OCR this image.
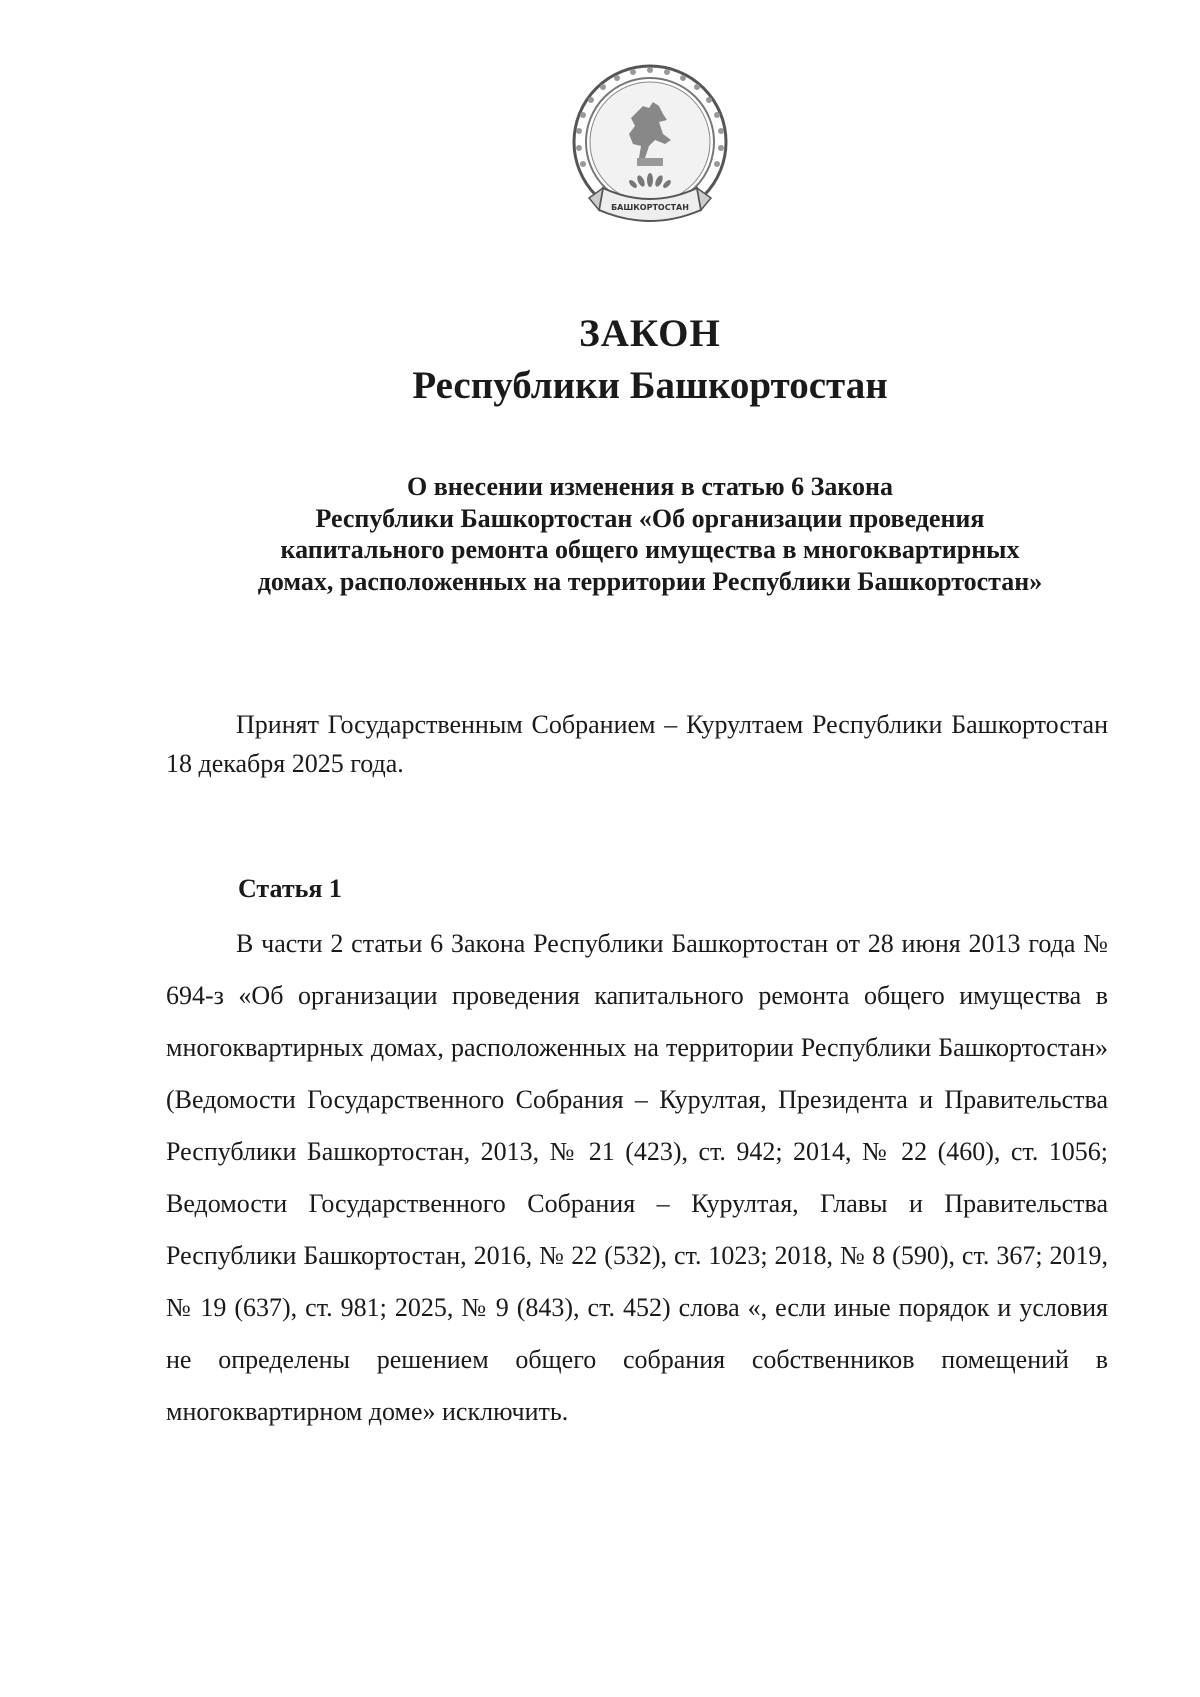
БАШКОРТОСТАН
ЗАКОН
Республики Башкортостан
О внесении изменения в статью 6 Закона
Республики Башкортостан «Об организации проведения
капитального ремонта общего имущества в многоквартирных
домах, расположенных на территории Республики Башкортостан»
Принят Государственным Собранием – Курултаем Республики Башкортостан 18 декабря 2025 года.
Статья 1
В части 2 статьи 6 Закона Республики Башкортостан от 28 июня 2013 года № 694-з «Об организации проведения капитального ремонта общего имущества в многоквартирных домах, расположенных на территории Республики Башкортостан» (Ведомости Государственного Собрания – Курултая, Президента и Правительства Республики Башкортостан, 2013, № 21 (423), ст. 942; 2014, № 22 (460), ст. 1056; Ведомости Государственного Собрания – Курултая, Главы и Правительства Республики Башкортостан, 2016, № 22 (532), ст. 1023; 2018, № 8 (590), ст. 367; 2019, № 19 (637), ст. 981; 2025, № 9 (843), ст. 452) слова «, если иные порядок и условия не определены решением общего собрания собственников помещений в многоквартирном доме» исключить.
